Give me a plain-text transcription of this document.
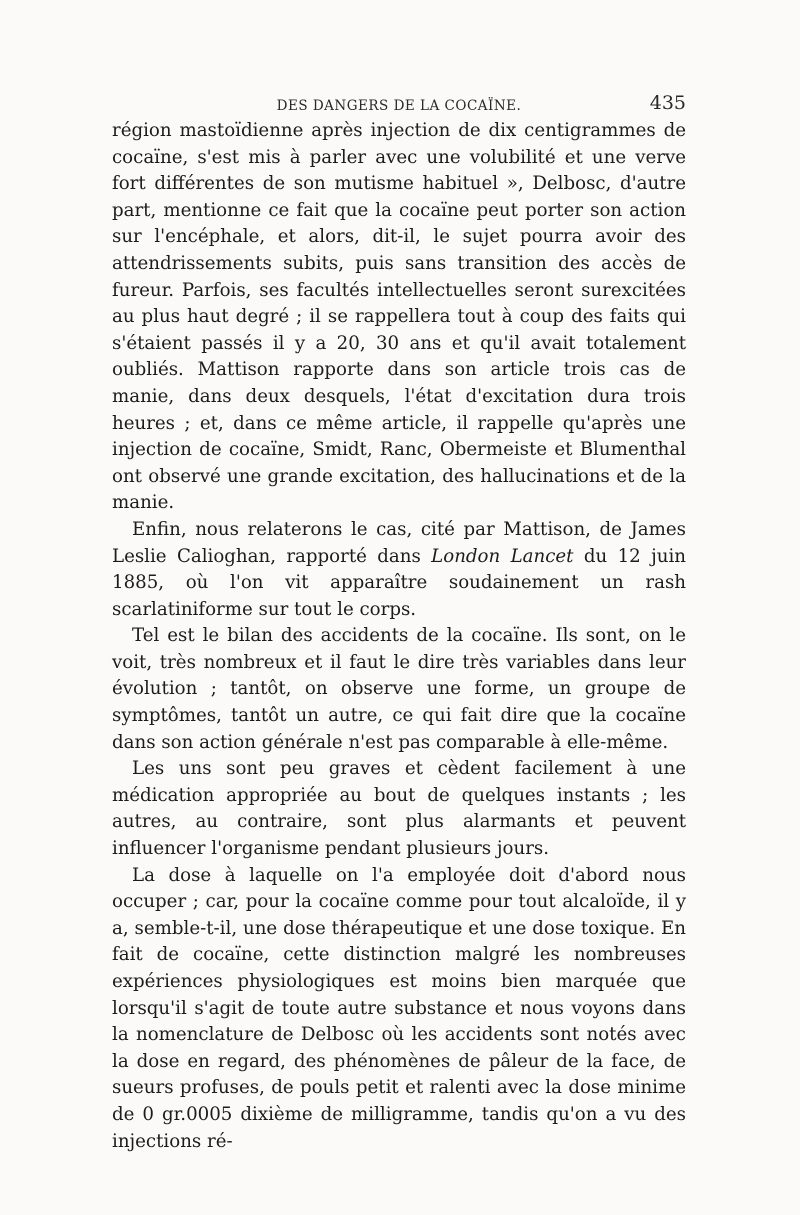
DES DANGERS DE LA COCAÏNE.	435

région mastoïdienne après injection de dix centigrammes de cocaïne, s'est mis à parler avec une volubilité et une verve fort différentes de son mutisme habituel », Delbosc, d'autre part, mentionne ce fait que la cocaïne peut porter son action sur l'encéphale, et alors, dit-il, le sujet pourra avoir des attendrissements subits, puis sans transition des accès de fureur. Parfois, ses facultés intellectuelles seront surexcitées au plus haut degré ; il se rappellera tout à coup des faits qui s'étaient passés il y a 20, 30 ans et qu'il avait totalement oubliés. Mattison rapporte dans son article trois cas de manie, dans deux desquels, l'état d'excitation dura trois heures ; et, dans ce même article, il rappelle qu'après une injection de cocaïne, Smidt, Ranc, Obermeiste et Blumenthal ont observé une grande excitation, des hallucinations et de la manie.

Enfin, nous relaterons le cas, cité par Mattison, de James Leslie Calioghan, rapporté dans London Lancet du 12 juin 1885, où l'on vit apparaître soudainement un rash scarlatiniforme sur tout le corps.

Tel est le bilan des accidents de la cocaïne. Ils sont, on le voit, très nombreux et il faut le dire très variables dans leur évolution ; tantôt, on observe une forme, un groupe de symptômes, tantôt un autre, ce qui fait dire que la cocaïne dans son action générale n'est pas comparable à elle-même.

Les uns sont peu graves et cèdent facilement à une médication appropriée au bout de quelques instants ; les autres, au contraire, sont plus alarmants et peuvent influencer l'organisme pendant plusieurs jours.

La dose à laquelle on l'a employée doit d'abord nous occuper ; car, pour la cocaïne comme pour tout alcaloïde, il y a, semble-t-il, une dose thérapeutique et une dose toxique. En fait de cocaïne, cette distinction malgré les nombreuses expériences physiologiques est moins bien marquée que lorsqu'il s'agit de toute autre substance et nous voyons dans la nomenclature de Delbosc où les accidents sont notés avec la dose en regard, des phénomènes de pâleur de la face, de sueurs profuses, de pouls petit et ralenti avec la dose minime de 0 gr.0005 dixième de milligramme, tandis qu'on a vu des injections ré-
